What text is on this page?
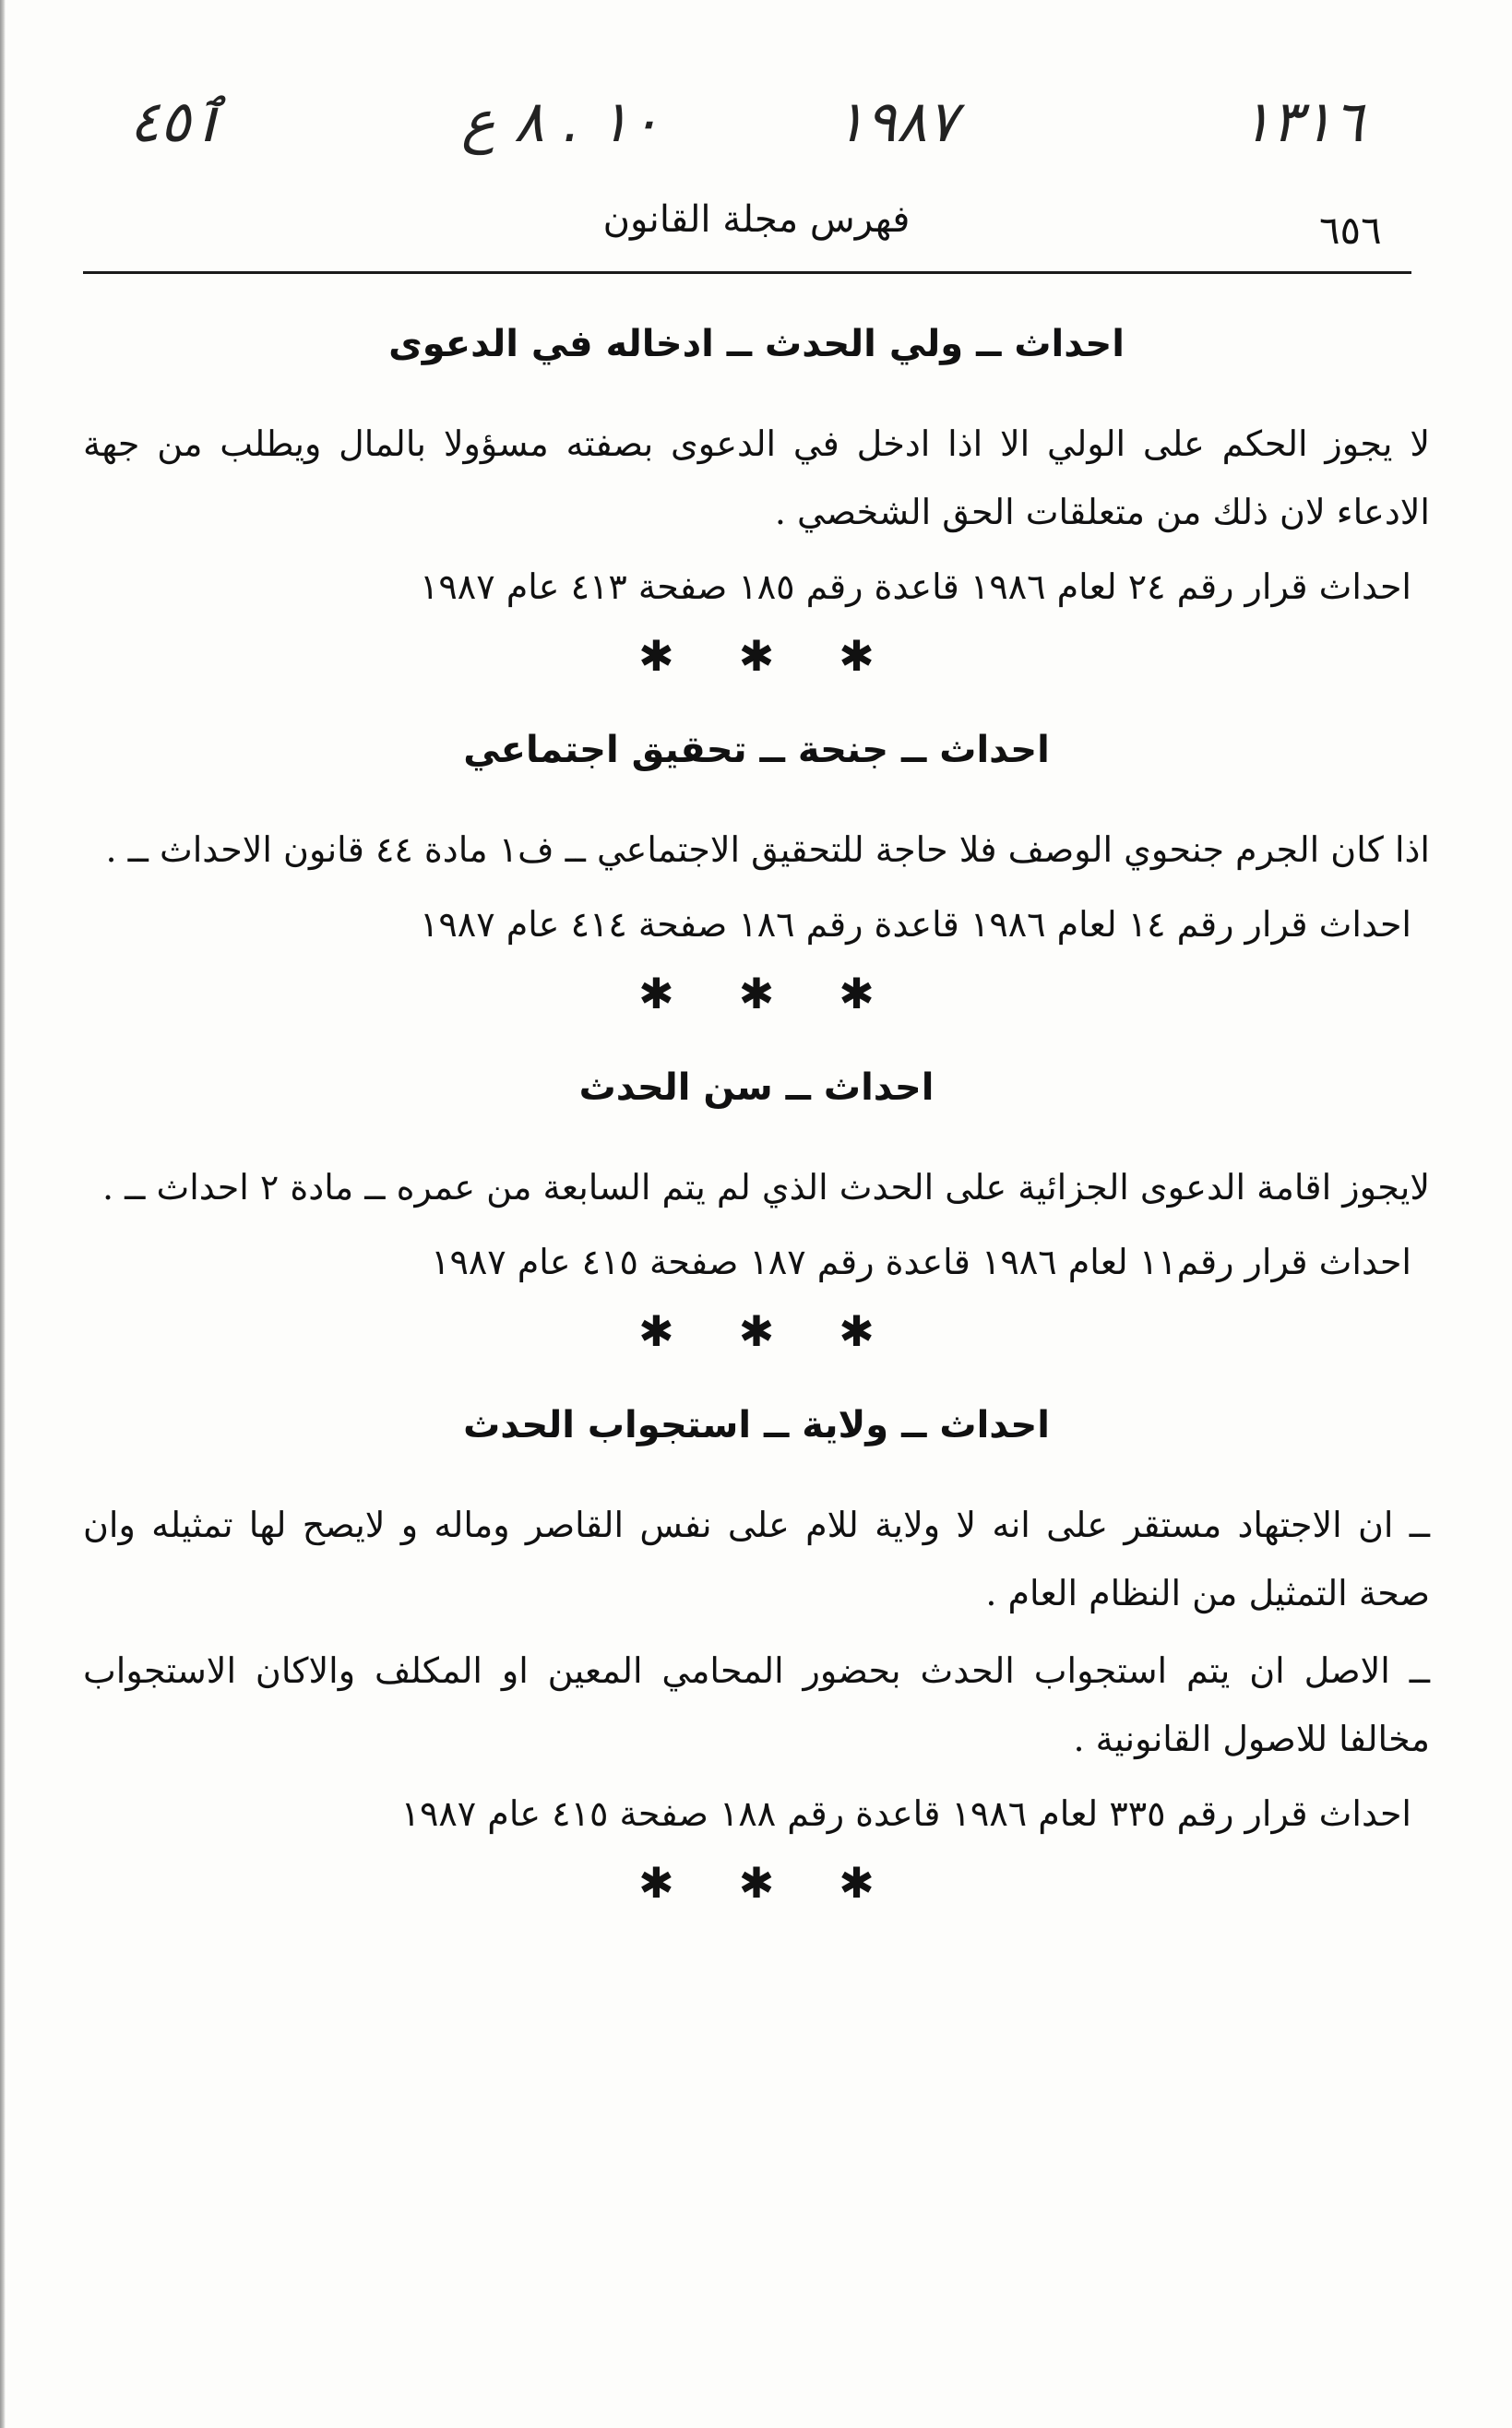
ٱ٤٥	١٠ . ٨ ع	١٩٨٧	١٣١٦
فهرس مجلة القانون	٦٥٦
احداث ــ ولي الحدث ــ ادخاله في الدعوى

لا يجوز الحكم على الولي الا اذا ادخل في الدعوى بصفته مسؤولا بالمال ويطلب من جهة الادعاء لان ذلك من متعلقات الحق الشخصي .

احداث قرار رقم ٢٤ لعام ١٩٨٦ قاعدة رقم ١٨٥ صفحة ٤١٣ عام ١٩٨٧
✱✱✱
احداث ــ جنحة ــ تحقيق اجتماعي

اذا كان الجرم جنحوي الوصف فلا حاجة للتحقيق الاجتماعي ــ ف١ مادة ٤٤ قانون الاحداث ــ .

احداث قرار رقم ١٤ لعام ١٩٨٦ قاعدة رقم ١٨٦ صفحة ٤١٤ عام ١٩٨٧
✱✱✱
احداث ــ سن الحدث

لايجوز اقامة الدعوى الجزائية على الحدث الذي لم يتم السابعة من عمره ــ مادة ٢ احداث ــ .

احداث قرار رقم١١ لعام ١٩٨٦ قاعدة رقم ١٨٧ صفحة ٤١٥ عام ١٩٨٧
✱✱✱
احداث ــ ولاية ــ استجواب الحدث

ــ ان الاجتهاد مستقر على انه لا ولاية للام على نفس القاصر وماله و لايصح لها تمثيله وان صحة التمثيل من النظام العام .

ــ الاصل ان يتم استجواب الحدث بحضور المحامي المعين او المكلف والاكان الاستجواب مخالفا للاصول القانونية .

احداث قرار رقم ٣٣٥ لعام ١٩٨٦ قاعدة رقم ١٨٨ صفحة ٤١٥ عام ١٩٨٧
✱✱✱
